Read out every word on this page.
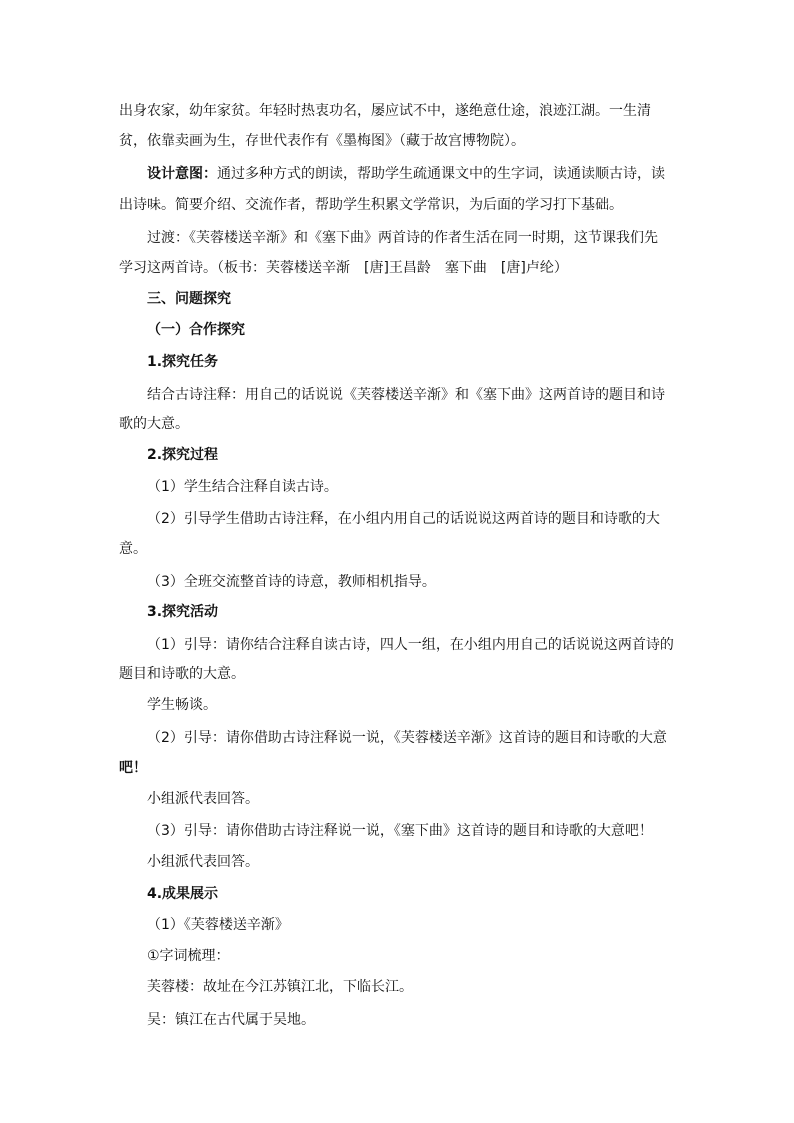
出身农家，幼年家贫。年轻时热衷功名，屡应试不中，遂绝意仕途，浪迹江湖。一生清
贫，依靠卖画为生，存世代表作有《墨梅图》（藏于故宫博物院）。
设计意图：通过多种方式的朗读，帮助学生疏通课文中的生字词，读通读顺古诗，读
出诗味。简要介绍、交流作者，帮助学生积累文学常识，为后面的学习打下基础。
过渡：《芙蓉楼送辛渐》和《塞下曲》两首诗的作者生活在同一时期，这节课我们先
学习这两首诗。（板书：芙蓉楼送辛渐　[唐]王昌龄　塞下曲　[唐]卢纶）
三、问题探究
（一）合作探究
1.探究任务
结合古诗注释：用自己的话说说《芙蓉楼送辛渐》和《塞下曲》这两首诗的题目和诗
歌的大意。
2.探究过程
（1）学生结合注释自读古诗。
（2）引导学生借助古诗注释，在小组内用自己的话说说这两首诗的题目和诗歌的大
意。
（3）全班交流整首诗的诗意，教师相机指导。
3.探究活动
（1）引导：请你结合注释自读古诗，四人一组，在小组内用自己的话说说这两首诗的
题目和诗歌的大意。
学生畅谈。
（2）引导：请你借助古诗注释说一说，《芙蓉楼送辛渐》这首诗的题目和诗歌的大意
吧！
小组派代表回答。
（3）引导：请你借助古诗注释说一说，《塞下曲》这首诗的题目和诗歌的大意吧！
小组派代表回答。
4.成果展示
（1）《芙蓉楼送辛渐》
①字词梳理：
芙蓉楼：故址在今江苏镇江北，下临长江。
吴：镇江在古代属于吴地。
